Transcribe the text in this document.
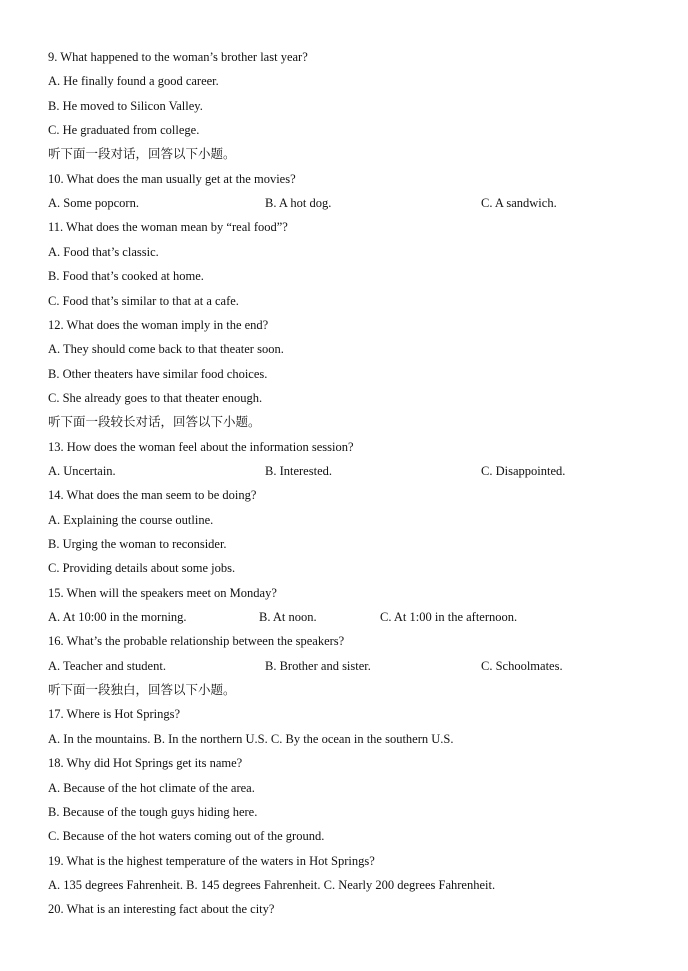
9. What happened to the woman’s brother last year?
A. He finally found a good career.
B. He moved to Silicon Valley.
C. He graduated from college.
听下面一段对话，回答以下小题。
10. What does the man usually get at the movies?
A. Some popcorn.	B. A hot dog.	C. A sandwich.
11. What does the woman mean by “real food”?
A. Food that’s classic.
B. Food that’s cooked at home.
C. Food that’s similar to that at a cafe.
12. What does the woman imply in the end?
A. They should come back to that theater soon.
B. Other theaters have similar food choices.
C. She already goes to that theater enough.
听下面一段较长对话，回答以下小题。
13. How does the woman feel about the information session?
A. Uncertain.	B. Interested.	C. Disappointed.
14. What does the man seem to be doing?
A. Explaining the course outline.
B. Urging the woman to reconsider.
C. Providing details about some jobs.
15. When will the speakers meet on Monday?
A. At 10:00 in the morning.	B. At noon.	C. At 1:00 in the afternoon.
16. What’s the probable relationship between the speakers?
A. Teacher and student.	B. Brother and sister.	C. Schoolmates.
听下面一段独白，回答以下小题。
17. Where is Hot Springs?
A. In the mountains. B. In the northern U.S. C. By the ocean in the southern U.S.
18. Why did Hot Springs get its name?
A. Because of the hot climate of the area.
B. Because of the tough guys hiding here.
C. Because of the hot waters coming out of the ground.
19. What is the highest temperature of the waters in Hot Springs?
A. 135 degrees Fahrenheit. B. 145 degrees Fahrenheit. C. Nearly 200 degrees Fahrenheit.
20. What is an interesting fact about the city?
